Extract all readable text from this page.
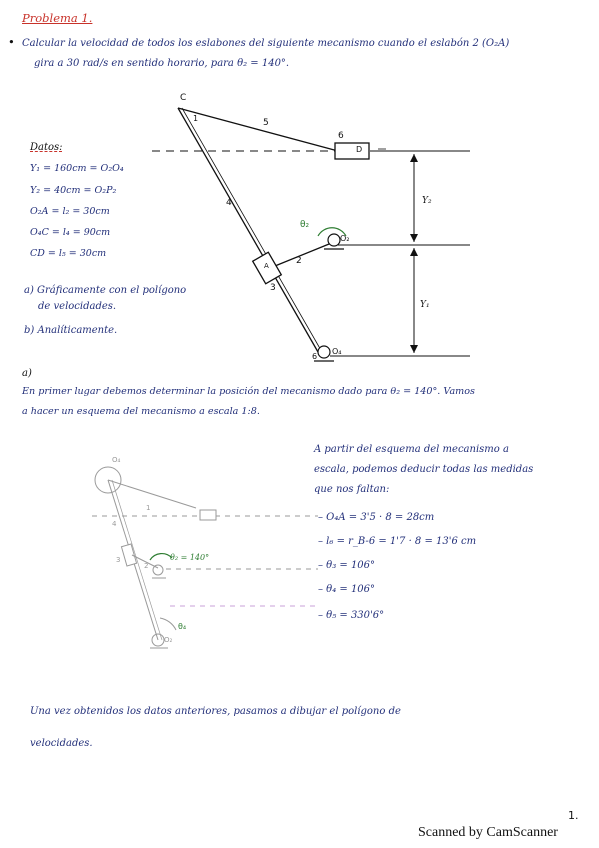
Problema 1.
• Calcular la velocidad de todos los eslabones del siguiente mecanismo cuando el eslabón 2 (O₂A)
gira a 30 rad/s en sentido horario, para θ₂ = 140°.
Datos:
Y₁ = 160cm = O₂O₄
Y₂ = 40cm = O₂P₂
O₂A = l₂ = 30cm
O₄C = l₄ = 90cm
CD = l₅ = 30cm
a) Gráficamente con el polígono
de velocidades.
b) Analíticamente.
C
1	5
6
D
4
θ₂
O₂
2
A
3
Y₂
Y₁
6
O₄
a)
En primer lugar debemos determinar la posición del mecanismo dado para θ₂ = 140°. Vamos
a hacer un esquema del mecanismo a escala 1:8.
O₄
1
4
3
2
θ₂ = 140°
θ₄
O₂
A partir del esquema del mecanismo a
escala, podemos deducir todas las medidas
que nos faltan:
– O₄A = 3'5 · 8 = 28cm
– l₆ = r_B-6 = 1'7 · 8 = 13'6 cm
– θ₃ = 106°
– θ₄ = 106°
– θ₅ = 330'6°
Una vez obtenidos los datos anteriores, pasamos a dibujar el polígono de
velocidades.
1.
Scanned by CamScanner
